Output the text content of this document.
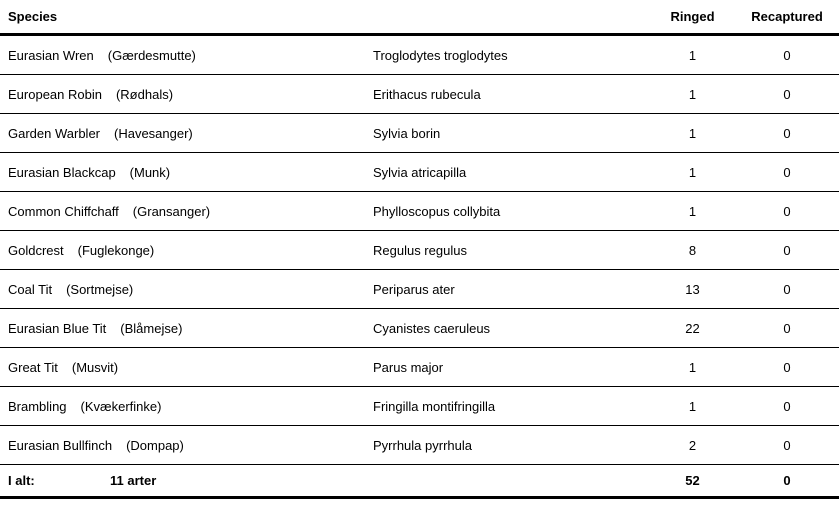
Species		Ringed	Recaptured
Eurasian Wren (Gærdesmutte)	Troglodytes troglodytes	1	0
European Robin (Rødhals)	Erithacus rubecula	1	0
Garden Warbler (Havesanger)	Sylvia borin	1	0
Eurasian Blackcap (Munk)	Sylvia atricapilla	1	0
Common Chiffchaff (Gransanger)	Phylloscopus collybita	1	0
Goldcrest (Fuglekonge)	Regulus regulus	8	0
Coal Tit (Sortmejse)	Periparus ater	13	0
Eurasian Blue Tit (Blåmejse)	Cyanistes caeruleus	22	0
Great Tit (Musvit)	Parus major	1	0
Brambling (Kvækerfinke)	Fringilla montifringilla	1	0
Eurasian Bullfinch (Dompap)	Pyrrhula pyrrhula	2	0
I alt: 11 arter		52	0
